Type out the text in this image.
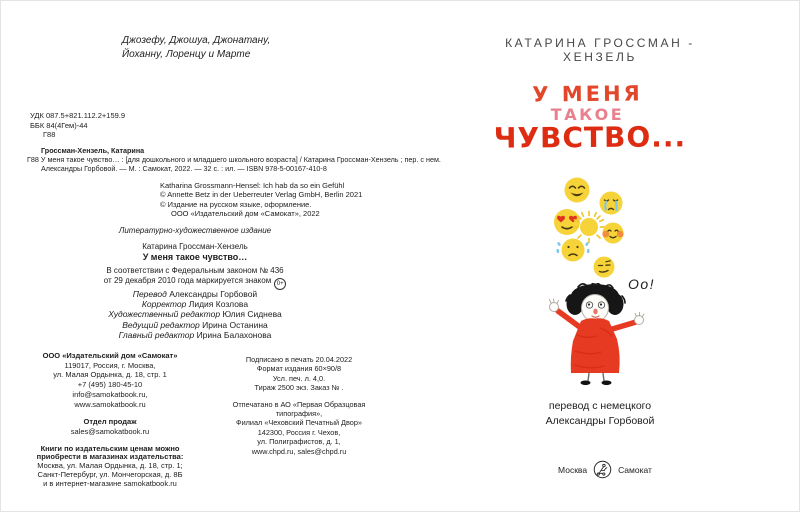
Джозефу, Джошуа, Джонатану,
Йоханну, Лоренцу и Марте
УДК 087.5+821.112.2+159.9
ББК 84(4Гем)-44
Г88
Гроссман-Хензель, Катарина
Г88 У меня такое чувство… : [для дошкольного и младшего школьного возраста] / Катарина Гроссман-Хензель ; пер. с нем.
Александры Горбовой. — М. : Самокат, 2022. — 32 с. : ил. — ISBN 978-5-00167-410-8
Katharina Grossmann-Hensel: Ich hab da so ein Gefühl
© Annette Betz in der Ueberreuter Verlag GmbH, Berlin 2021
© Издание на русском языке, оформление.
ООО «Издательский дом «Самокат», 2022
Литературно-художественное издание
Катарина Гроссман-Хензель
У меня такое чувство…
В соответствии с Федеральным законом № 436
от 29 декабря 2010 года маркируется знаком 0+
Перевод Александры Горбовой
Корректор Лидия Козлова
Художественный редактор Юлия Сиднева
Ведущий редактор Ирина Останина
Главный редактор Ирина Балахонова
ООО «Издательский дом «Самокат»
119017, Россия, г. Москва,
ул. Малая Ордынка, д. 18, стр. 1
+7 (495) 180-45-10
info@samokatbook.ru,
www.samokatbook.ru
Отдел продаж
sales@samokatbook.ru
Книги по издательским ценам можно
приобрести в магазинах издательства:
Москва, ул. Малая Ордынка, д. 18, стр. 1;
Санкт-Петербург, ул. Мончегорская, д. 8Б
и в интернет-магазине samokatbook.ru
Подписано в печать 20.04.2022
Формат издания 60×90/8
Усл. печ. л. 4,0.
Тираж 2500 экз. Заказ № .
Отпечатано в АО «Первая Образцовая типография»,
Филиал «Чеховский Печатный Двор»
142300, Россия г. Чехов,
ул. Полиграфистов, д. 1,
www.chpd.ru, sales@chpd.ru
КАТАРИНА ГРОССМАН - ХЕНЗЕЛЬ
У МЕНЯ
ТАКОЕ
ЧУВСТВО...
Oo!
перевод с немецкого
Александры Горбовой
Москва	Самокат
